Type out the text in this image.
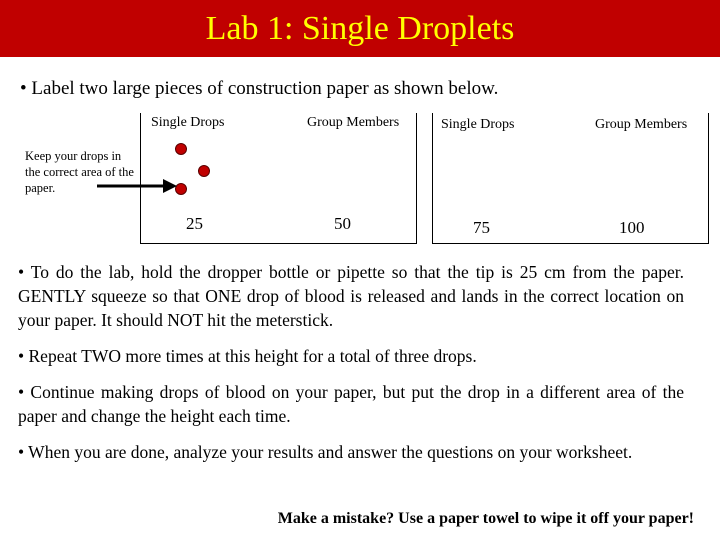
Lab 1: Single Droplets
• Label two large pieces of construction paper as shown below.
Single Drops	Group Members
25	50
Single Drops	Group Members
75	100
Keep your drops in the correct area of the paper.
• To do the lab, hold the dropper bottle or pipette so that the tip is 25 cm from the paper. GENTLY squeeze so that ONE drop of blood is released and lands in the correct location on your paper. It should NOT hit the meterstick.
• Repeat TWO more times at this height for a total of three drops.
• Continue making drops of blood on your paper, but put the drop in a different area of the paper and change the height each time.
• When you are done, analyze your results and answer the questions on your worksheet.
Make a mistake? Use a paper towel to wipe it off your paper!
